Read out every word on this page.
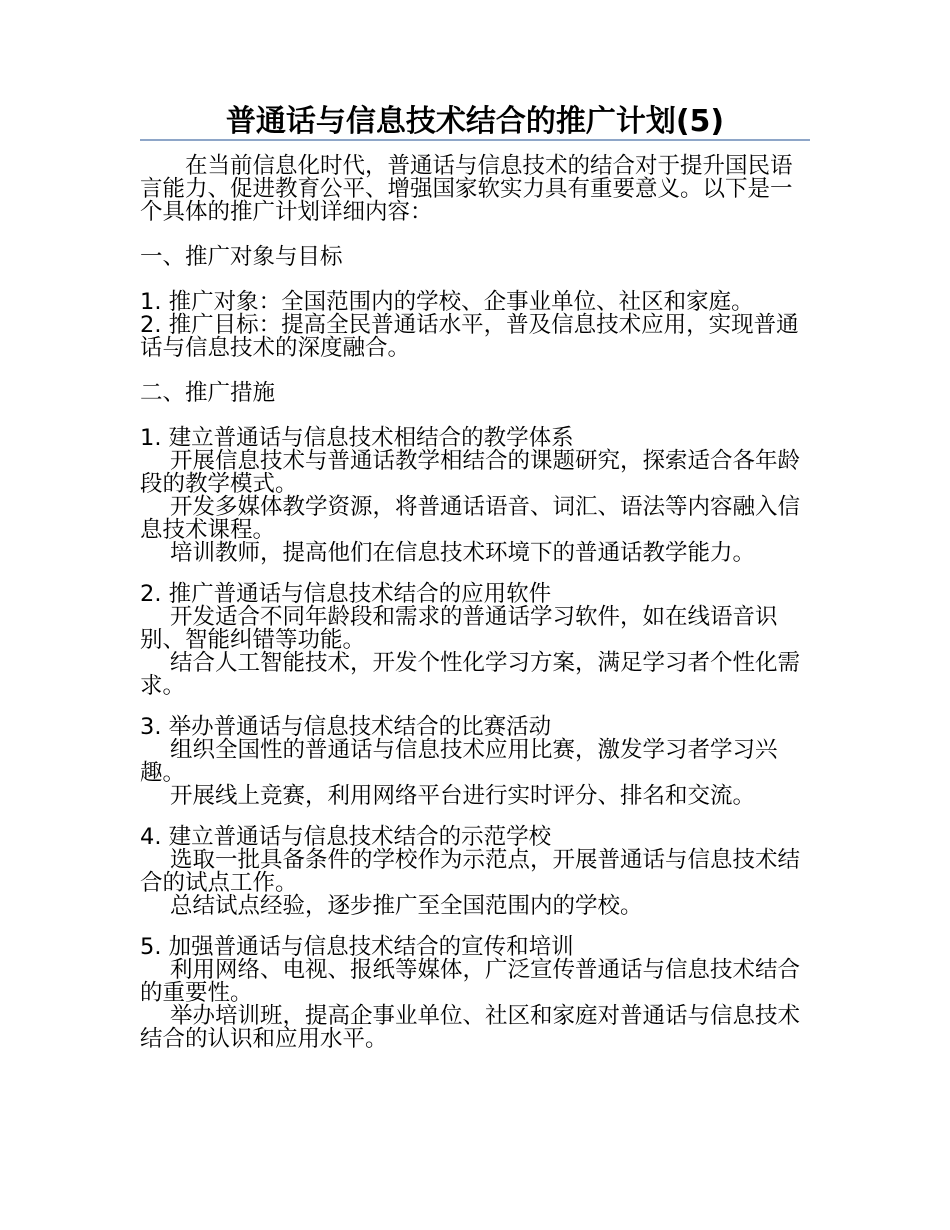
普通话与信息技术结合的推广计划(5)

在当前信息化时代，普通话与信息技术的结合对于提升国民语言能力、促进教育公平、增强国家软实力具有重要意义。以下是一个具体的推广计划详细内容：

一、推广对象与目标

1. 推广对象：全国范围内的学校、企事业单位、社区和家庭。

2. 推广目标：提高全民普通话水平，普及信息技术应用，实现普通话与信息技术的深度融合。

二、推广措施

1. 建立普通话与信息技术相结合的教学体系

开展信息技术与普通话教学相结合的课题研究，探索适合各年龄段的教学模式。

开发多媒体教学资源，将普通话语音、词汇、语法等内容融入信息技术课程。

培训教师，提高他们在信息技术环境下的普通话教学能力。

2. 推广普通话与信息技术结合的应用软件

开发适合不同年龄段和需求的普通话学习软件，如在线语音识别、智能纠错等功能。

结合人工智能技术，开发个性化学习方案，满足学习者个性化需求。

3. 举办普通话与信息技术结合的比赛活动

组织全国性的普通话与信息技术应用比赛，激发学习者学习兴趣。

开展线上竞赛，利用网络平台进行实时评分、排名和交流。

4. 建立普通话与信息技术结合的示范学校

选取一批具备条件的学校作为示范点，开展普通话与信息技术结合的试点工作。

总结试点经验，逐步推广至全国范围内的学校。

5. 加强普通话与信息技术结合的宣传和培训

利用网络、电视、报纸等媒体，广泛宣传普通话与信息技术结合的重要性。

举办培训班，提高企事业单位、社区和家庭对普通话与信息技术结合的认识和应用水平。
